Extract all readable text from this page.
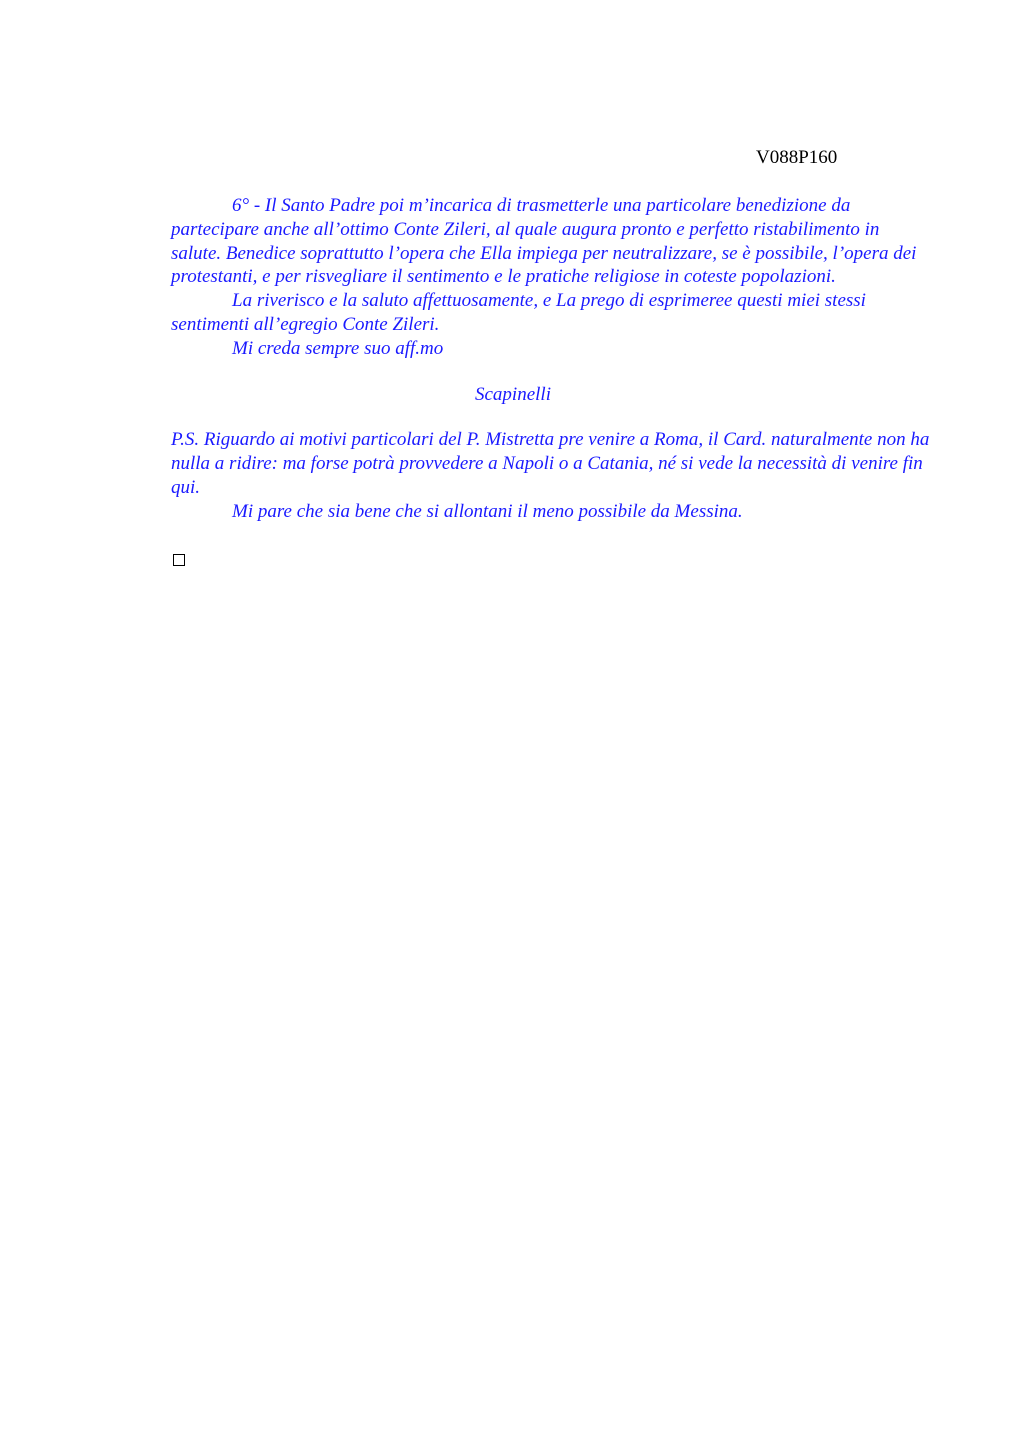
V088P160

6° - Il Santo Padre poi m’incarica di trasmetterle una particolare benedizione da partecipare anche all’ottimo Conte Zileri, al quale augura pronto e perfetto ristabilimento in salute. Benedice soprattutto l’opera che Ella impiega per neutralizzare, se è possibile, l’opera dei protestanti, e per risvegliare il sentimento e le pratiche religiose in coteste popolazioni.

La riverisco e la saluto affettuosamente, e La prego di esprimeree questi miei stessi sentimenti all’egregio Conte Zileri.

Mi creda sempre suo aff.mo

Scapinelli

P.S. Riguardo ai motivi particolari del P. Mistretta pre venire a Roma, il Card. naturalmente non ha nulla a ridire: ma forse potrà provvedere a Napoli o a Catania, né si vede la necessità di venire fin qui.

Mi pare che sia bene che si allontani il meno possibile da Messina.
